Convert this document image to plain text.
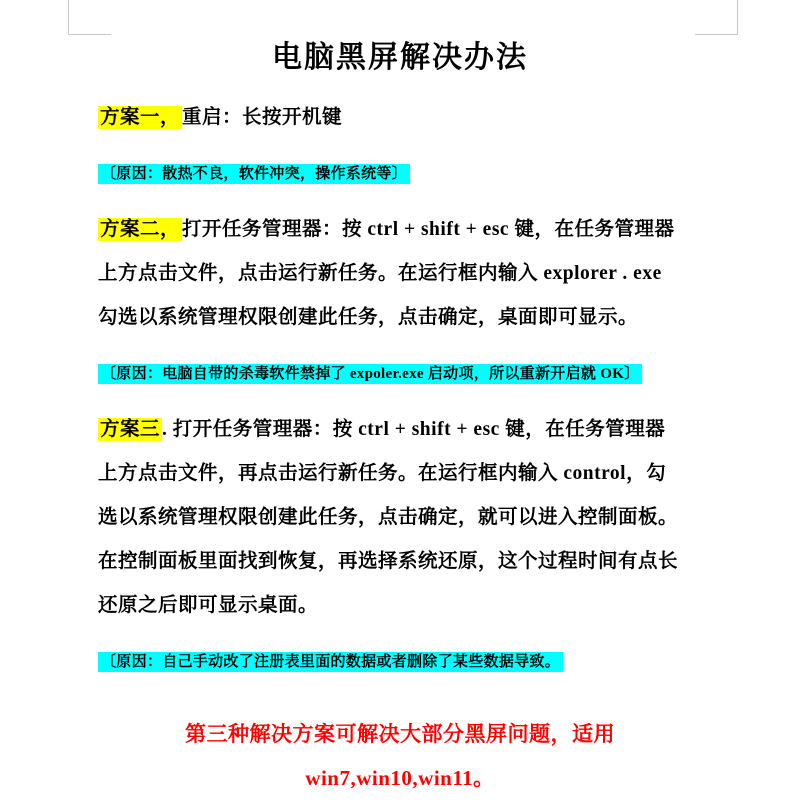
电脑黑屏解决办法
方案一， 重启：长按开机键
〔原因：散热不良，软件冲突，操作系统等〕
方案二， 打开任务管理器：按 ctrl + shift + esc 键，在任务管理器
上方点击文件，点击运行新任务。在运行框内输入 explorer . exe
勾选以系统管理权限创建此任务，点击确定，桌面即可显示。
〔原因：电脑自带的杀毒软件禁掉了 expoler.exe 启动项，所以重新开启就 OK〕
方案三 . 打开任务管理器：按 ctrl + shift + esc 键，在任务管理器
上方点击文件，再点击运行新任务。在运行框内输入 control，勾
选以系统管理权限创建此任务，点击确定，就可以进入控制面板。
在控制面板里面找到恢复，再选择系统还原，这个过程时间有点长
还原之后即可显示桌面。
〔原因：自己手动改了注册表里面的数据或者删除了某些数据导致。
第三种解决方案可解决大部分黑屏问题，适用
win7,win10,win11。
